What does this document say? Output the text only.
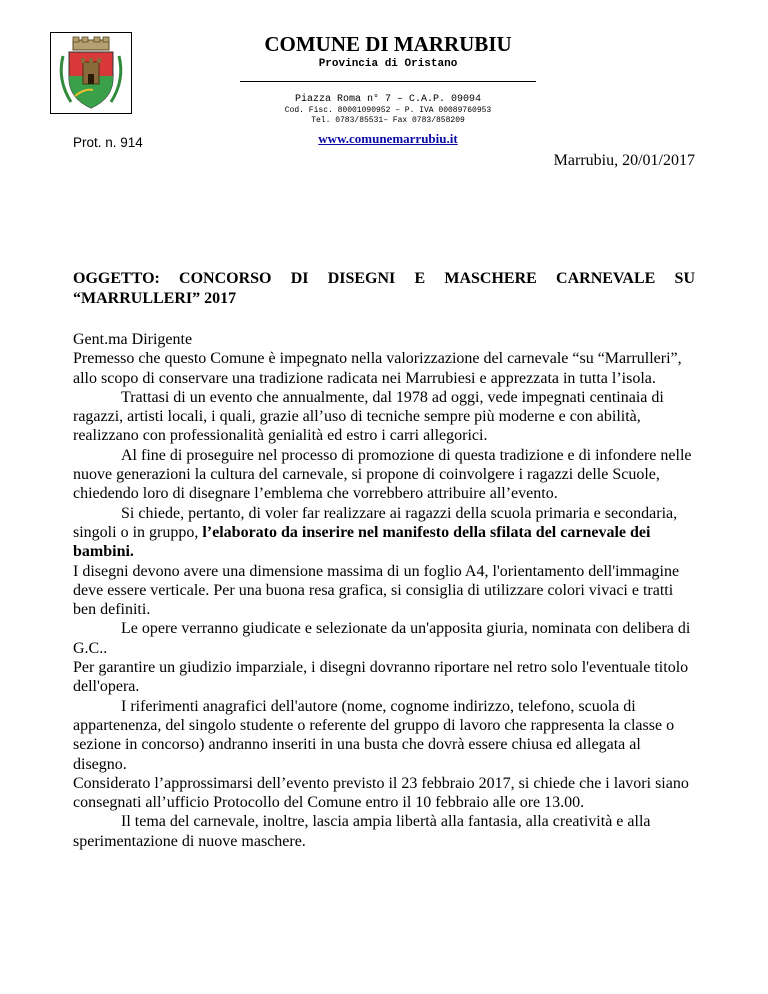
COMUNE DI MARRUBIU
Provincia di Oristano
Piazza Roma n° 7 – C.A.P. 09094
Cod. Fisc. 80001090952 – P. IVA 00089760953
Tel. 0783/85531– Fax 0783/858209
www.comunemarrubiu.it
Prot. n. 914
Marrubiu, 20/01/2017
OGGETTO: CONCORSO DI DISEGNI E MASCHERE CARNEVALE SU
“MARRULLERI” 2017

Gent.ma Dirigente

Premesso che questo Comune è impegnato nella valorizzazione del carnevale “su “Marrulleri”, allo scopo di conservare una tradizione radicata nei Marrubiesi e apprezzata in tutta l’isola.

Trattasi di un evento che annualmente, dal 1978 ad oggi, vede impegnati centinaia di ragazzi, artisti locali, i quali, grazie all’uso di tecniche sempre più moderne e con abilità, realizzano con professionalità genialità ed estro i carri allegorici.

Al fine di proseguire nel processo di promozione di questa tradizione e di infondere nelle nuove generazioni la cultura del carnevale, si propone di coinvolgere i ragazzi delle Scuole, chiedendo loro di disegnare l’emblema che vorrebbero attribuire all’evento.

Si chiede, pertanto, di voler far realizzare ai ragazzi della scuola primaria e secondaria, singoli o in gruppo, l’elaborato da inserire nel manifesto della sfilata del carnevale dei bambini.

I disegni devono avere una dimensione massima di un foglio A4, l'orientamento dell'immagine deve essere verticale. Per una buona resa grafica, si consiglia di utilizzare colori vivaci e tratti ben definiti.

Le opere verranno giudicate e selezionate da un'apposita giuria, nominata con delibera di G.C..

Per garantire un giudizio imparziale, i disegni dovranno riportare nel retro solo l'eventuale titolo dell'opera.

I riferimenti anagrafici dell'autore (nome, cognome indirizzo, telefono, scuola di appartenenza, del singolo studente o referente del gruppo di lavoro che rappresenta la classe o sezione in concorso) andranno inseriti in una busta che dovrà essere chiusa ed allegata al disegno.

Considerato l’approssimarsi dell’evento previsto il 23 febbraio 2017, si chiede che i lavori siano consegnati all’ufficio Protocollo del Comune entro il 10 febbraio alle ore 13.00.

Il tema del carnevale, inoltre, lascia ampia libertà alla fantasia, alla creatività e alla sperimentazione di nuove maschere.
